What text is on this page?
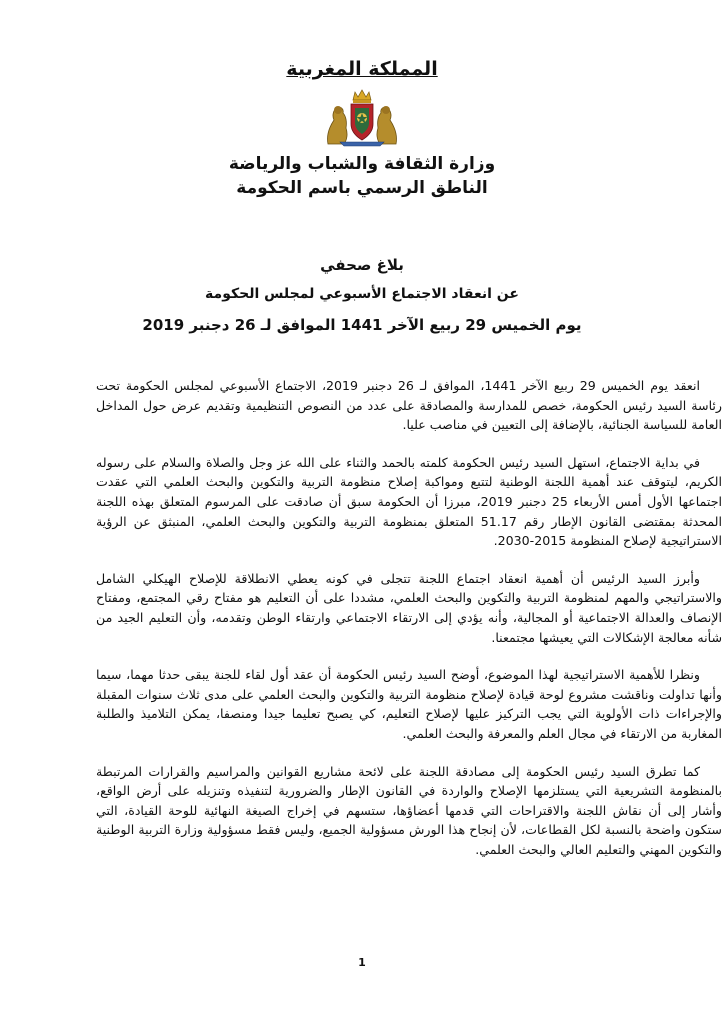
المملكة المغربية
وزارة الثقافة والشباب والرياضة
الناطق الرسمي باسم الحكومة
بلاغ صحفي
عن انعقاد الاجتماع الأسبوعي لمجلس الحكومة
يوم الخميس 29 ربيع الآخر 1441 الموافق لـ 26 دجنبر 2019

انعقد يوم الخميس 29 ربيع الآخر 1441، الموافق لـ 26 دجنبر 2019، الاجتماع الأسبوعي لمجلس الحكومة تحت رئاسة السيد رئيس الحكومة، خصص للمدارسة والمصادقة على عدد من النصوص التنظيمية وتقديم عرض حول المداخل العامة للسياسة الجنائية، بالإضافة إلى التعيين في مناصب عليا.

في بداية الاجتماع، استهل السيد رئيس الحكومة كلمته بالحمد والثناء على الله عز وجل والصلاة والسلام على رسوله الكريم، ليتوقف عند أهمية اللجنة الوطنية لتتبع ومواكبة إصلاح منظومة التربية والتكوين والبحث العلمي التي عقدت اجتماعها الأول أمس الأربعاء 25 دجنبر 2019، مبرزا أن الحكومة سبق أن صادقت على المرسوم المتعلق بهذه اللجنة المحدثة بمقتضى القانون الإطار رقم 51.17 المتعلق بمنظومة التربية والتكوين والبحث العلمي، المنبثق عن الرؤية الاستراتيجية لإصلاح المنظومة 2015-2030.

وأبرز السيد الرئيس أن أهمية انعقاد اجتماع اللجنة تتجلى في كونه يعطي الانطلاقة للإصلاح الهيكلي الشامل والاستراتيجي والمهم لمنظومة التربية والتكوين والبحث العلمي، مشددا على أن التعليم هو مفتاح رقي المجتمع، ومفتاح الإنصاف والعدالة الاجتماعية أو المجالية، وأنه يؤدي إلى الارتقاء الاجتماعي وارتقاء الوطن وتقدمه، وأن التعليم الجيد من شأنه معالجة الإشكالات التي يعيشها مجتمعنا.

ونظرا للأهمية الاستراتيجية لهذا الموضوع، أوضح السيد رئيس الحكومة أن عقد أول لقاء للجنة يبقى حدثا مهما، سيما وأنها تداولت وناقشت مشروع لوحة قيادة لإصلاح منظومة التربية والتكوين والبحث العلمي على مدى ثلاث سنوات المقبلة والإجراءات ذات الأولوية التي يجب التركيز عليها لإصلاح التعليم، كي يصبح تعليما جيدا ومنصفا، يمكن التلاميذ والطلبة المغاربة من الارتقاء في مجال العلم والمعرفة والبحث العلمي.

كما تطرق السيد رئيس الحكومة إلى مصادقة اللجنة على لائحة مشاريع القوانين والمراسيم والقرارات المرتبطة بالمنظومة التشريعية التي يستلزمها الإصلاح والواردة في القانون الإطار والضرورية لتنفيذه وتنزيله على أرض الواقع، وأشار إلى أن نقاش اللجنة والاقتراحات التي قدمها أعضاؤها، ستسهم في إخراج الصيغة النهائية للوحة القيادة، التي ستكون واضحة بالنسبة لكل القطاعات، لأن إنجاح هذا الورش مسؤولية الجميع، وليس فقط مسؤولية وزارة التربية الوطنية والتكوين المهني والتعليم العالي والبحث العلمي.

1
